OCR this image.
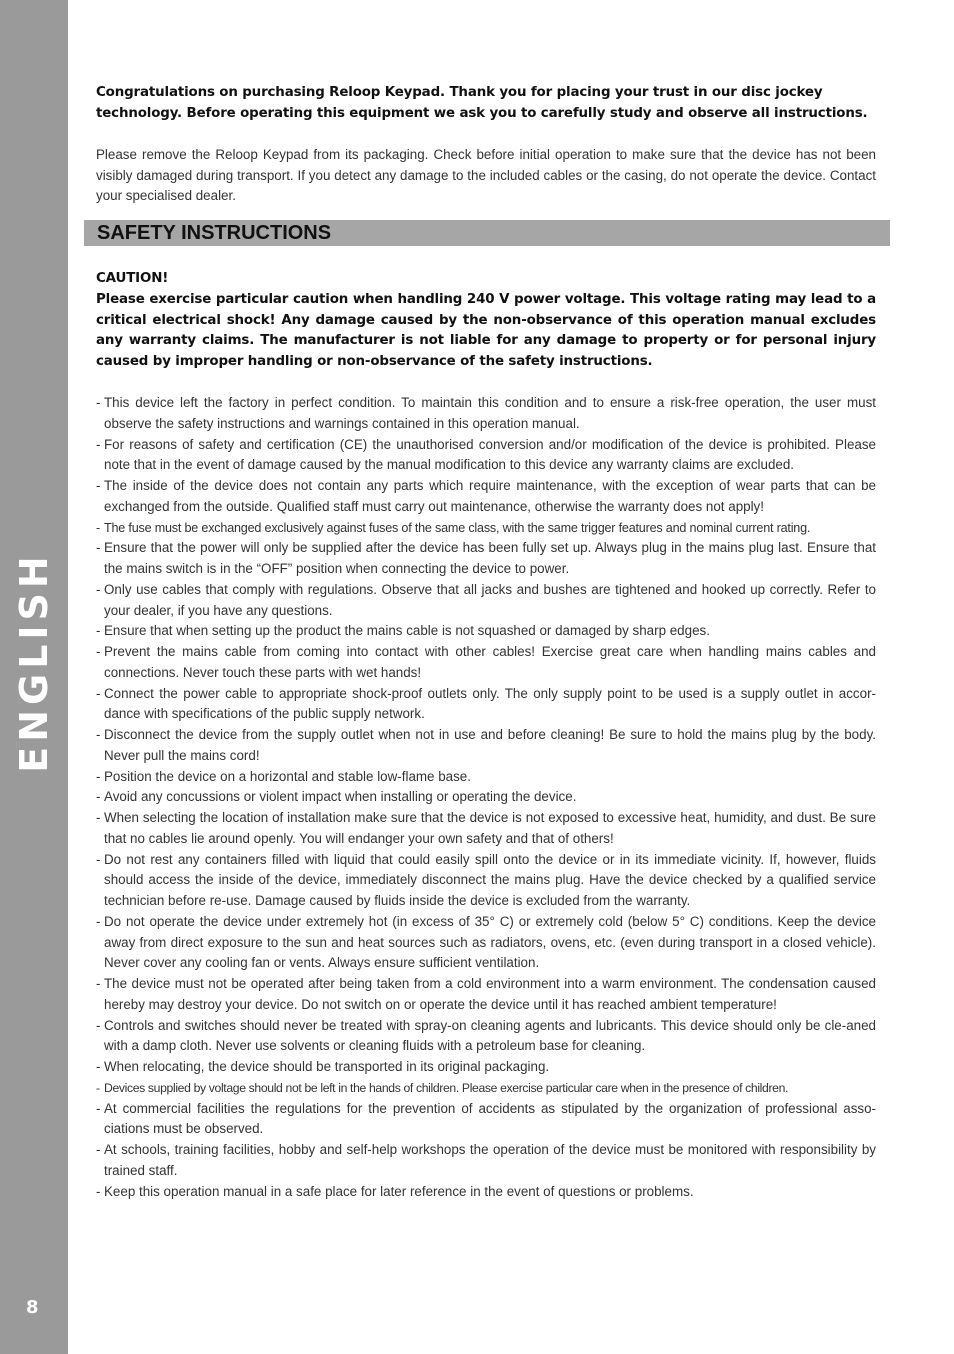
ENGLISH
8

Congratulations on purchasing Reloop Keypad. Thank you for placing your trust in our disc jockey technology. Before operating this equipment we ask you to carefully study and observe all instructions.

Please remove the Reloop Keypad from its packaging. Check before initial operation to make sure that the device has not been visibly damaged during transport. If you detect any damage to the included cables or the casing, do not operate the device. Contact your specialised dealer.

SAFETY INSTRUCTIONS
CAUTION!
Please exercise particular caution when handling 240 V power voltage. This voltage rating may lead to a critical electrical shock! Any damage caused by the non-observance of this operation manual excludes any warranty claims. The manufacturer is not liable for any damage to property or for personal injury caused by improper handling or non-observance of the safety instructions.
- This device left the factory in perfect condition. To maintain this condition and to ensure a risk-free operation, the user must observe the safety instructions and warnings contained in this operation manual.
- For reasons of safety and certification (CE) the unauthorised conversion and/or modification of the device is prohibited. Please note that in the event of damage caused by the manual modification to this device any warranty claims are excluded.
- The inside of the device does not contain any parts which require maintenance, with the exception of wear parts that can be exchanged from the outside. Qualified staff must carry out maintenance, otherwise the warranty does not apply!
- The fuse must be exchanged exclusively against fuses of the same class, with the same trigger features and nominal current rating.
- Ensure that the power will only be supplied after the device has been fully set up. Always plug in the mains plug last. Ensure that the mains switch is in the “OFF” position when connecting the device to power.
- Only use cables that comply with regulations. Observe that all jacks and bushes are tightened and hooked up correctly. Refer to your dealer, if you have any questions.
- Ensure that when setting up the product the mains cable is not squashed or damaged by sharp edges.
- Prevent the mains cable from coming into contact with other cables! Exercise great care when handling mains cables and connections. Never touch these parts with wet hands!
- Connect the power cable to appropriate shock-proof outlets only. The only supply point to be used is a supply outlet in accor-dance with specifications of the public supply network.
- Disconnect the device from the supply outlet when not in use and before cleaning! Be sure to hold the mains plug by the body. Never pull the mains cord!
- Position the device on a horizontal and stable low-flame base.
- Avoid any concussions or violent impact when installing or operating the device.
- When selecting the location of installation make sure that the device is not exposed to excessive heat, humidity, and dust. Be sure that no cables lie around openly. You will endanger your own safety and that of others!
- Do not rest any containers filled with liquid that could easily spill onto the device or in its immediate vicinity. If, however, fluids should access the inside of the device, immediately disconnect the mains plug. Have the device checked by a qualified service technician before re-use. Damage caused by fluids inside the device is excluded from the warranty.
- Do not operate the device under extremely hot (in excess of 35° C) or extremely cold (below 5° C) conditions. Keep the device away from direct exposure to the sun and heat sources such as radiators, ovens, etc. (even during transport in a closed vehicle). Never cover any cooling fan or vents. Always ensure sufficient ventilation.
- The device must not be operated after being taken from a cold environment into a warm environment. The condensation caused hereby may destroy your device. Do not switch on or operate the device until it has reached ambient temperature!
- Controls and switches should never be treated with spray-on cleaning agents and lubricants. This device should only be cle-aned with a damp cloth. Never use solvents or cleaning fluids with a petroleum base for cleaning.
- When relocating, the device should be transported in its original packaging.
- Devices supplied by voltage should not be left in the hands of children. Please exercise particular care when in the presence of children.
- At commercial facilities the regulations for the prevention of accidents as stipulated by the organization of professional asso-ciations must be observed.
- At schools, training facilities, hobby and self-help workshops the operation of the device must be monitored with responsibility by trained staff.
- Keep this operation manual in a safe place for later reference in the event of questions or problems.
